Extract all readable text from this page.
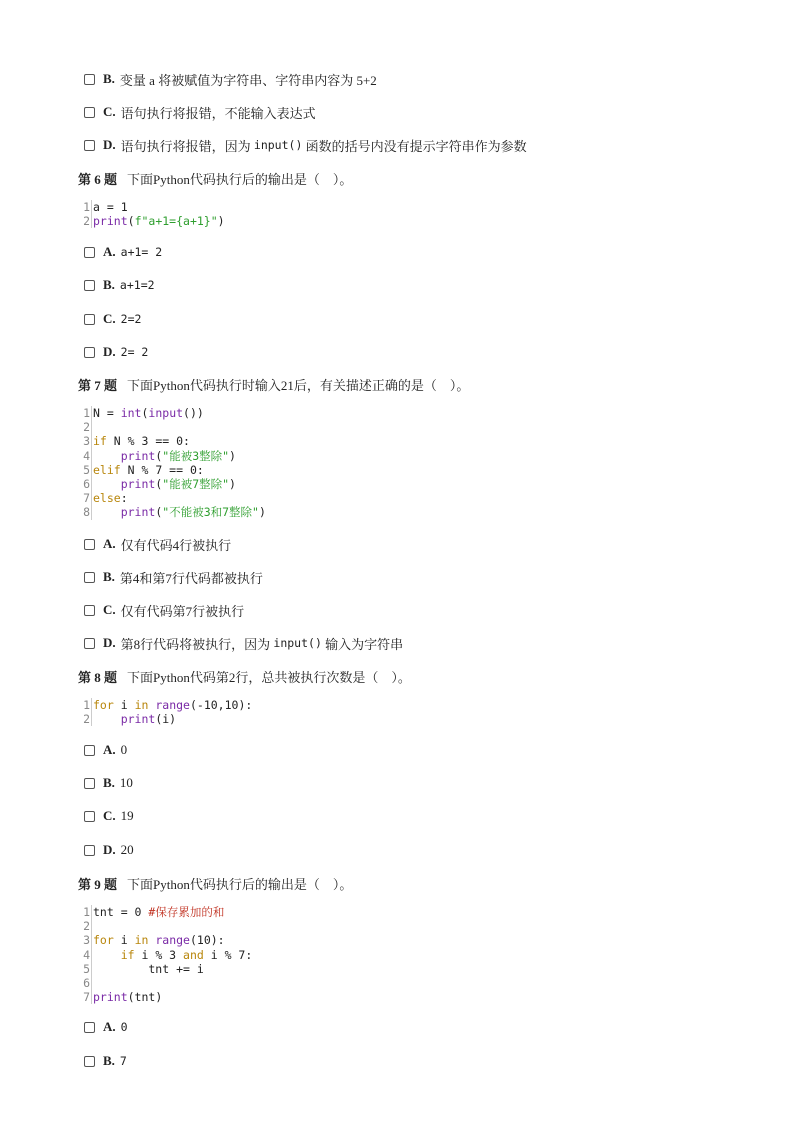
B. 变量 a 将被赋值为字符串、字符串内容为 5+2
C. 语句执行将报错，不能输入表达式
D. 语句执行将报错，因为 input() 函数的括号内没有提示字符串作为参数
第 6 题 下面Python代码执行后的输出是（    ）。
1 a = 1
2 print ( f"a+1={a+1}" )
A. a+1= 2
B. a+1=2
C. 2=2
D. 2= 2
第 7 题 下面Python代码执行时输入21后，有关描述正确的是（    ）。
1 N = int ( input ())
2
3 if N % 3 == 0:
4
	print ( "能被3整除" )
5 elif N % 7 == 0:
6
	print ( "能被7整除" )
7 else :
8
	print ( "不能被3和7整除" )
A. 仅有代码4行被执行
B. 第4和第7行代码都被执行
C. 仅有代码第7行被执行
D. 第8行代码将被执行，因为 input() 输入为字符串
第 8 题 下面Python代码第2行，总共被执行次数是（    ）。
1 for i in
range (-10,10):
2
	print (i)
A. 0
B. 10
C. 19
D. 20
第 9 题 下面Python代码执行后的输出是（    ）。
1 tnt = 0 #保存累加的和
2
3 for i in
range (10):
4
	if i % 3 and i % 7:
5 tnt += i
6
7 print (tnt)
A. 0
B. 7
